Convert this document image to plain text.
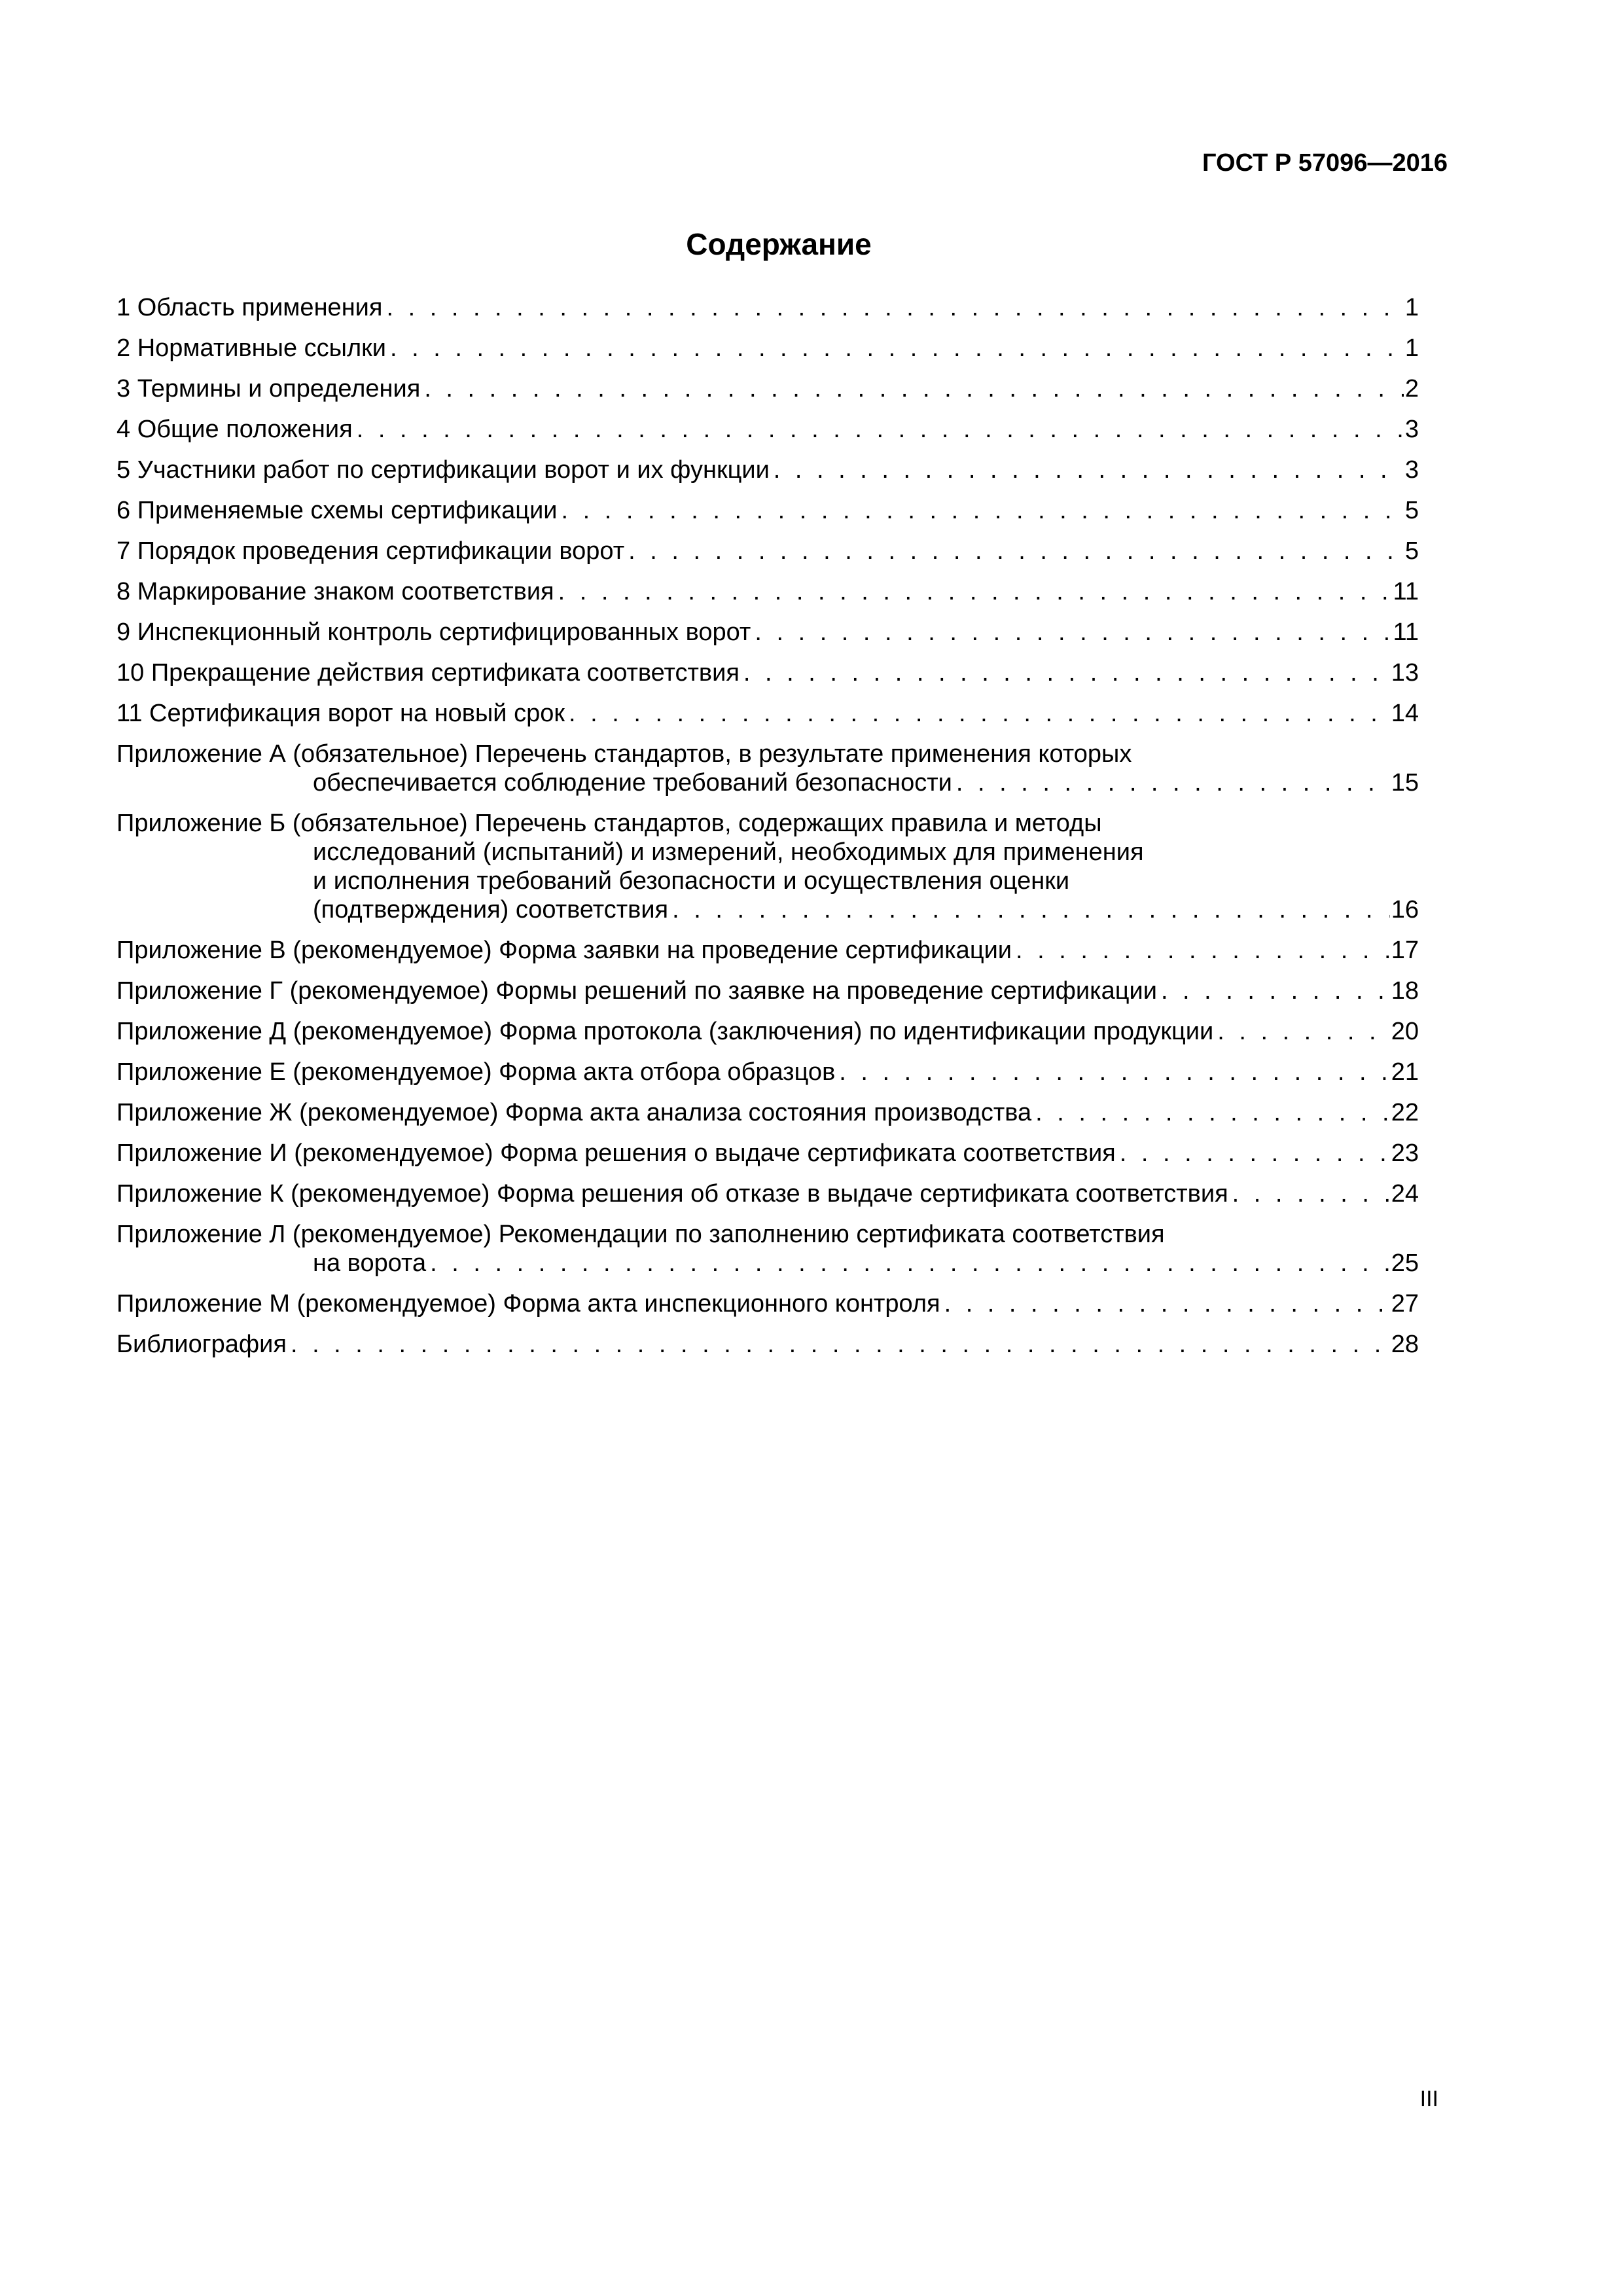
ГОСТ Р 57096—2016
Содержание
1 Область применения . . .	1
2 Нормативные ссылки . . .	1
3 Термины и определения . . .	2
4 Общие положения . . .	3
5 Участники работ по сертификации ворот и их функции . . .	3
6 Применяемые схемы сертификации . . .	5
7 Порядок проведения сертификации ворот . . .	5
8 Маркирование знаком соответствия . . .	11
9 Инспекционный контроль сертифицированных ворот . . .	11
10 Прекращение действия сертификата соответствия . . .	13
11 Сертификация ворот на новый срок . . .	14
Приложение А (обязательное) Перечень стандартов, в результате применения которых
обеспечивается соблюдение требований безопасности . . .	15
Приложение Б (обязательное) Перечень стандартов, содержащих правила и методы
исследований (испытаний) и измерений, необходимых для применения
и исполнения требований безопасности и осуществления оценки
(подтверждения) соответствия . . .	16
Приложение В (рекомендуемое) Форма заявки на проведение сертификации . . .	17
Приложение Г (рекомендуемое) Формы решений по заявке на проведение сертификации . . .	18
Приложение Д (рекомендуемое) Форма протокола (заключения) по идентификации продукции . . .	20
Приложение Е (рекомендуемое) Форма акта отбора образцов . . .	21
Приложение Ж (рекомендуемое) Форма акта анализа состояния производства . . .	22
Приложение И (рекомендуемое) Форма решения о выдаче сертификата соответствия . . .	23
Приложение К (рекомендуемое) Форма решения об отказе в выдаче сертификата соответствия . . .	24
Приложение Л (рекомендуемое) Рекомендации по заполнению сертификата соответствия
на ворота . . .	25
Приложение М (рекомендуемое) Форма акта инспекционного контроля . . .	27
Библиография . . .	28
III
